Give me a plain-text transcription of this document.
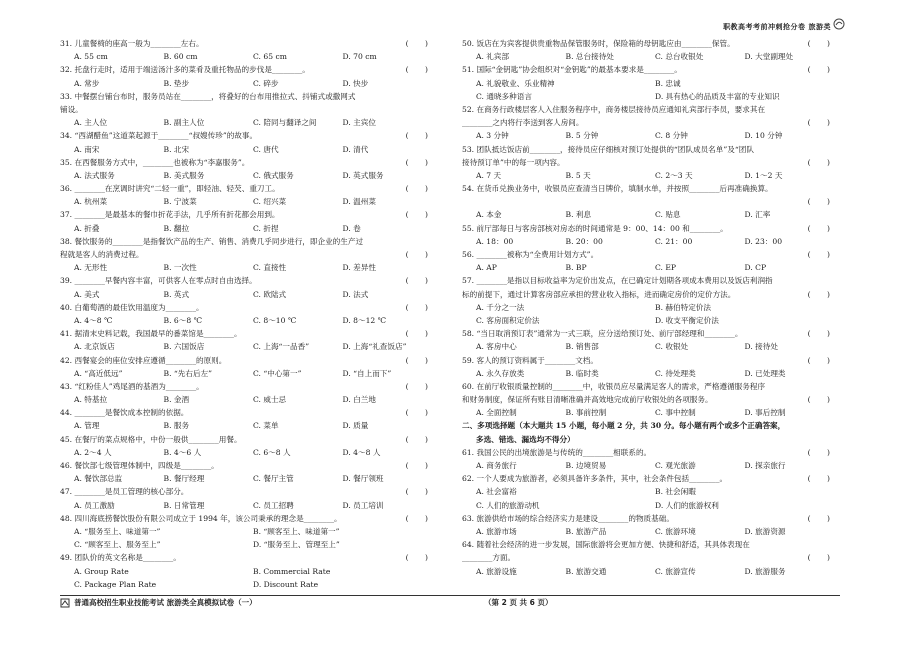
职教高考考前冲刺抢分卷 旅游类
31. 儿童餐椅的座高一般为________左右。	( )
A. 55 cm	B. 60 cm	C. 65 cm	D. 70 cm
32. 托盘行走时，适用于端送汤汁多的菜肴及重托物品的步伐是________。	( )
A. 常步	B. 垫步	C. 碎步	D. 快步
33. 中餐摆台铺台布时，服务员站在________，将叠好的台布用推拉式、抖铺式或撒网式
铺设。
A. 主人位	B. 副主人位	C. 陪同与翻译之间	D. 主宾位
34. “西湖醋鱼”这道菜起源于________“叔嫂传珍”的故事。	( )
A. 南宋	B. 北宋	C. 唐代	D. 清代
35. 在西餐服务方式中，________也被称为“李嘉服务”。	( )
A. 法式服务	B. 美式服务	C. 俄式服务	D. 英式服务
36. ________在烹调时讲究“二轻一重”，即轻油、轻芡、重刀工。	( )
A. 杭州菜	B. 宁波菜	C. 绍兴菜	D. 温州菜
37. ________是最基本的餐巾折花手法，几乎所有折花都会用到。	( )
A. 折叠	B. 翻拉	C. 折捏	D. 卷
38. 餐饮服务的________是指餐饮产品的生产、销售、消费几乎同步进行，即企业的生产过
程就是客人的消费过程。	( )
A. 无形性	B. 一次性	C. 直接性	D. 差异性
39. ________早餐内容丰富，可供客人在零点时自由选择。	( )
A. 美式	B. 英式	C. 欧陆式	D. 法式
40. 白葡萄酒的最佳饮用温度为________。	( )
A. 4～8 ℃	B. 6～8 ℃	C. 8～10 ℃	D. 8～12 ℃
41. 据清末史料记载，我国最早的番菜馆是________。	( )
A. 北京饭店	B. 六国饭店	C. 上海“一品香”	D. 上海“礼查饭店”
42. 西餐宴会的座位安排应遵循________的原则。	( )
A. “高近低远”	B. “先右后左”	C. “中心第一”	D. “自上而下”
43. “红粉佳人”鸡尾酒的基酒为________。	( )
A. 特基拉	B. 金酒	C. 威士忌	D. 白兰地
44. ________是餐饮成本控制的依据。	( )
A. 管理	B. 服务	C. 菜单	D. 质量
45. 在餐厅的菜点规格中，中份一般供________用餐。	( )
A. 2～4 人	B. 4～6 人	C. 6～8 人	D. 4～8 人
46. 餐饮部七级管理体制中，四级是________。	( )
A. 餐饮部总监	B. 餐厅经理	C. 餐厅主管	D. 餐厅领班
47. ________是员工管理的核心部分。	( )
A. 员工激励	B. 日常管理	C. 员工招聘	D. 员工培训
48. 四川海底捞餐饮股份有限公司成立于 1994 年，该公司秉承的理念是________。	( )
A. “服务至上、味道第一”	B. “顾客至上、味道第一”
C. “顾客至上、服务至上”	D. “服务至上、管理至上”
49. 团队价的英文名称是________。	( )
A. Group Rate	B. Commercial Rate
C. Package Plan Rate	D. Discount Rate
50. 饭店在为宾客提供贵重物品保管服务时，保险箱的母钥匙应由________保管。	( )
A. 礼宾部	B. 总台接待处	C. 总台收银处	D. 大堂副理处
51. 国际“金钥匙”协会组织对“金钥匙”的最基本要求是________。	( )
A. 礼貌敬业、乐业精神	B. 忠诚
C. 通晓多种语言	D. 具有热心的品质及丰富的专业知识
52. 在商务行政楼层客人入住服务程序中，商务楼层接待员应通知礼宾部行李员，要求其在
________之内将行李送到客人房间。	( )
A. 3 分钟	B. 5 分钟	C. 8 分钟	D. 10 分钟
53. 团队抵达饭店前________，接待员应仔细核对预订处提供的“团队成员名单”及“团队
接待预订单”中的每一项内容。	( )
A. 7 天	B. 5 天	C. 2～3 天	D. 1～2 天
54. 在货币兑换业务中，收银员应查清当日牌价，填制水单，并按照________后再准确换算。
( )
A. 本金	B. 利息	C. 贴息	D. 汇率
55. 前厅部每日与客房部核对房态的时间通常是 9：00、14：00 和________。	( )
A. 18：00	B. 20：00	C. 21：00	D. 23：00
56. ________被称为“全费用计划方式”。	( )
A. AP	B. BP	C. EP	D. CP
57. ________是指以目标收益率为定价出发点，在已确定计划期各项成本费用以及饭店利润指
标的前提下，通过计算客房部应承担的营业收入指标，进而确定房价的定价方法。	( )
A. 千分之一法	B. 赫伯特定价法
C. 客房面积定价法	D. 收支平衡定价法
58. “当日取消预订表”通常为一式三联，应分送给预订处、前厅部经理和________。	( )
A. 客房中心	B. 销售部	C. 收银处	D. 接待处
59. 客人的预订资料属于________文档。	( )
A. 永久存放类	B. 临时类	C. 待处理类	D. 已处理类
60. 在前厅收银质量控制的________中，收银员应尽量满足客人的需求，严格遵循服务程序
和财务制度，保证所有账目清晰准确并高效地完成前厅收银处的各项服务。	( )
A. 全面控制	B. 事前控制	C. 事中控制	D. 事后控制
二、多项选择题（本大题共 15 小题，每小题 2 分，共 30 分。每小题有两个或多个正确答案，
多选、错选、漏选均不得分）
61. 我国公民的出境旅游是与传统的________相联系的。	( )
A. 商务旅行	B. 边境贸易	C. 观光旅游	D. 探亲旅行
62. 一个人要成为旅游者，必须具备许多条件，其中，社会条件包括________。	( )
A. 社会富裕	B. 社会闲暇
C. 人们的旅游动机	D. 人们的旅游权利
63. 旅游供给市场的综合经济实力是建设________的物质基础。	( )
A. 旅游市场	B. 旅游产品	C. 旅游环境	D. 旅游资源
64. 随着社会经济的进一步发展，国际旅游将会更加方便、快捷和舒适，其具体表现在
________方面。	( )
A. 旅游设施	B. 旅游交通	C. 旅游宣传	D. 旅游服务
普通高校招生职业技能考试 旅游类全真模拟试卷（一）	（第 2 页 共 6 页）
